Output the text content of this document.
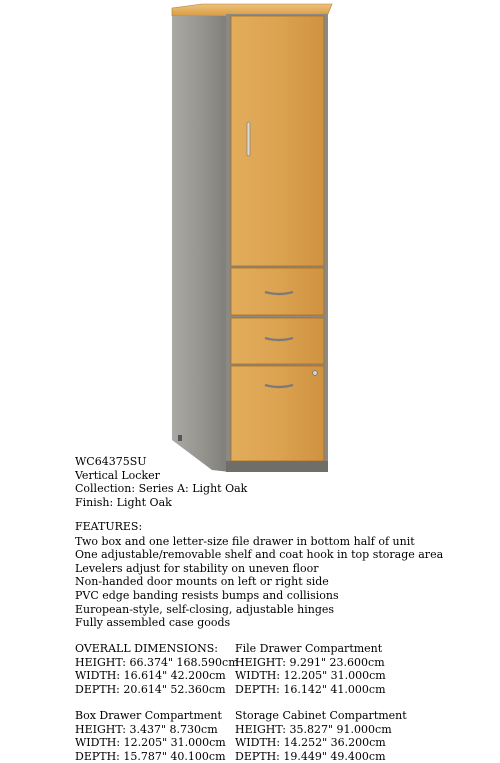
WC64375SU
Vertical Locker
Collection: Series A: Light Oak
Finish: Light Oak
FEATURES:
Two box and one letter-size file drawer in bottom half of unit
One adjustable/removable shelf and coat hook in top storage area
Levelers adjust for stability on uneven floor
Non-handed door mounts on left or right side
PVC edge banding resists bumps and collisions
European-style, self-closing, adjustable hinges
Fully assembled case goods
OVERALL DIMENSIONS:
HEIGHT: 66.374" 168.590cm
WIDTH: 16.614" 42.200cm
DEPTH: 20.614" 52.360cm
File Drawer Compartment
HEIGHT: 9.291" 23.600cm
WIDTH: 12.205" 31.000cm
DEPTH: 16.142" 41.000cm
Box Drawer Compartment
HEIGHT: 3.437" 8.730cm
WIDTH: 12.205" 31.000cm
DEPTH: 15.787" 40.100cm
Storage Cabinet Compartment
HEIGHT: 35.827" 91.000cm
WIDTH: 14.252" 36.200cm
DEPTH: 19.449" 49.400cm
